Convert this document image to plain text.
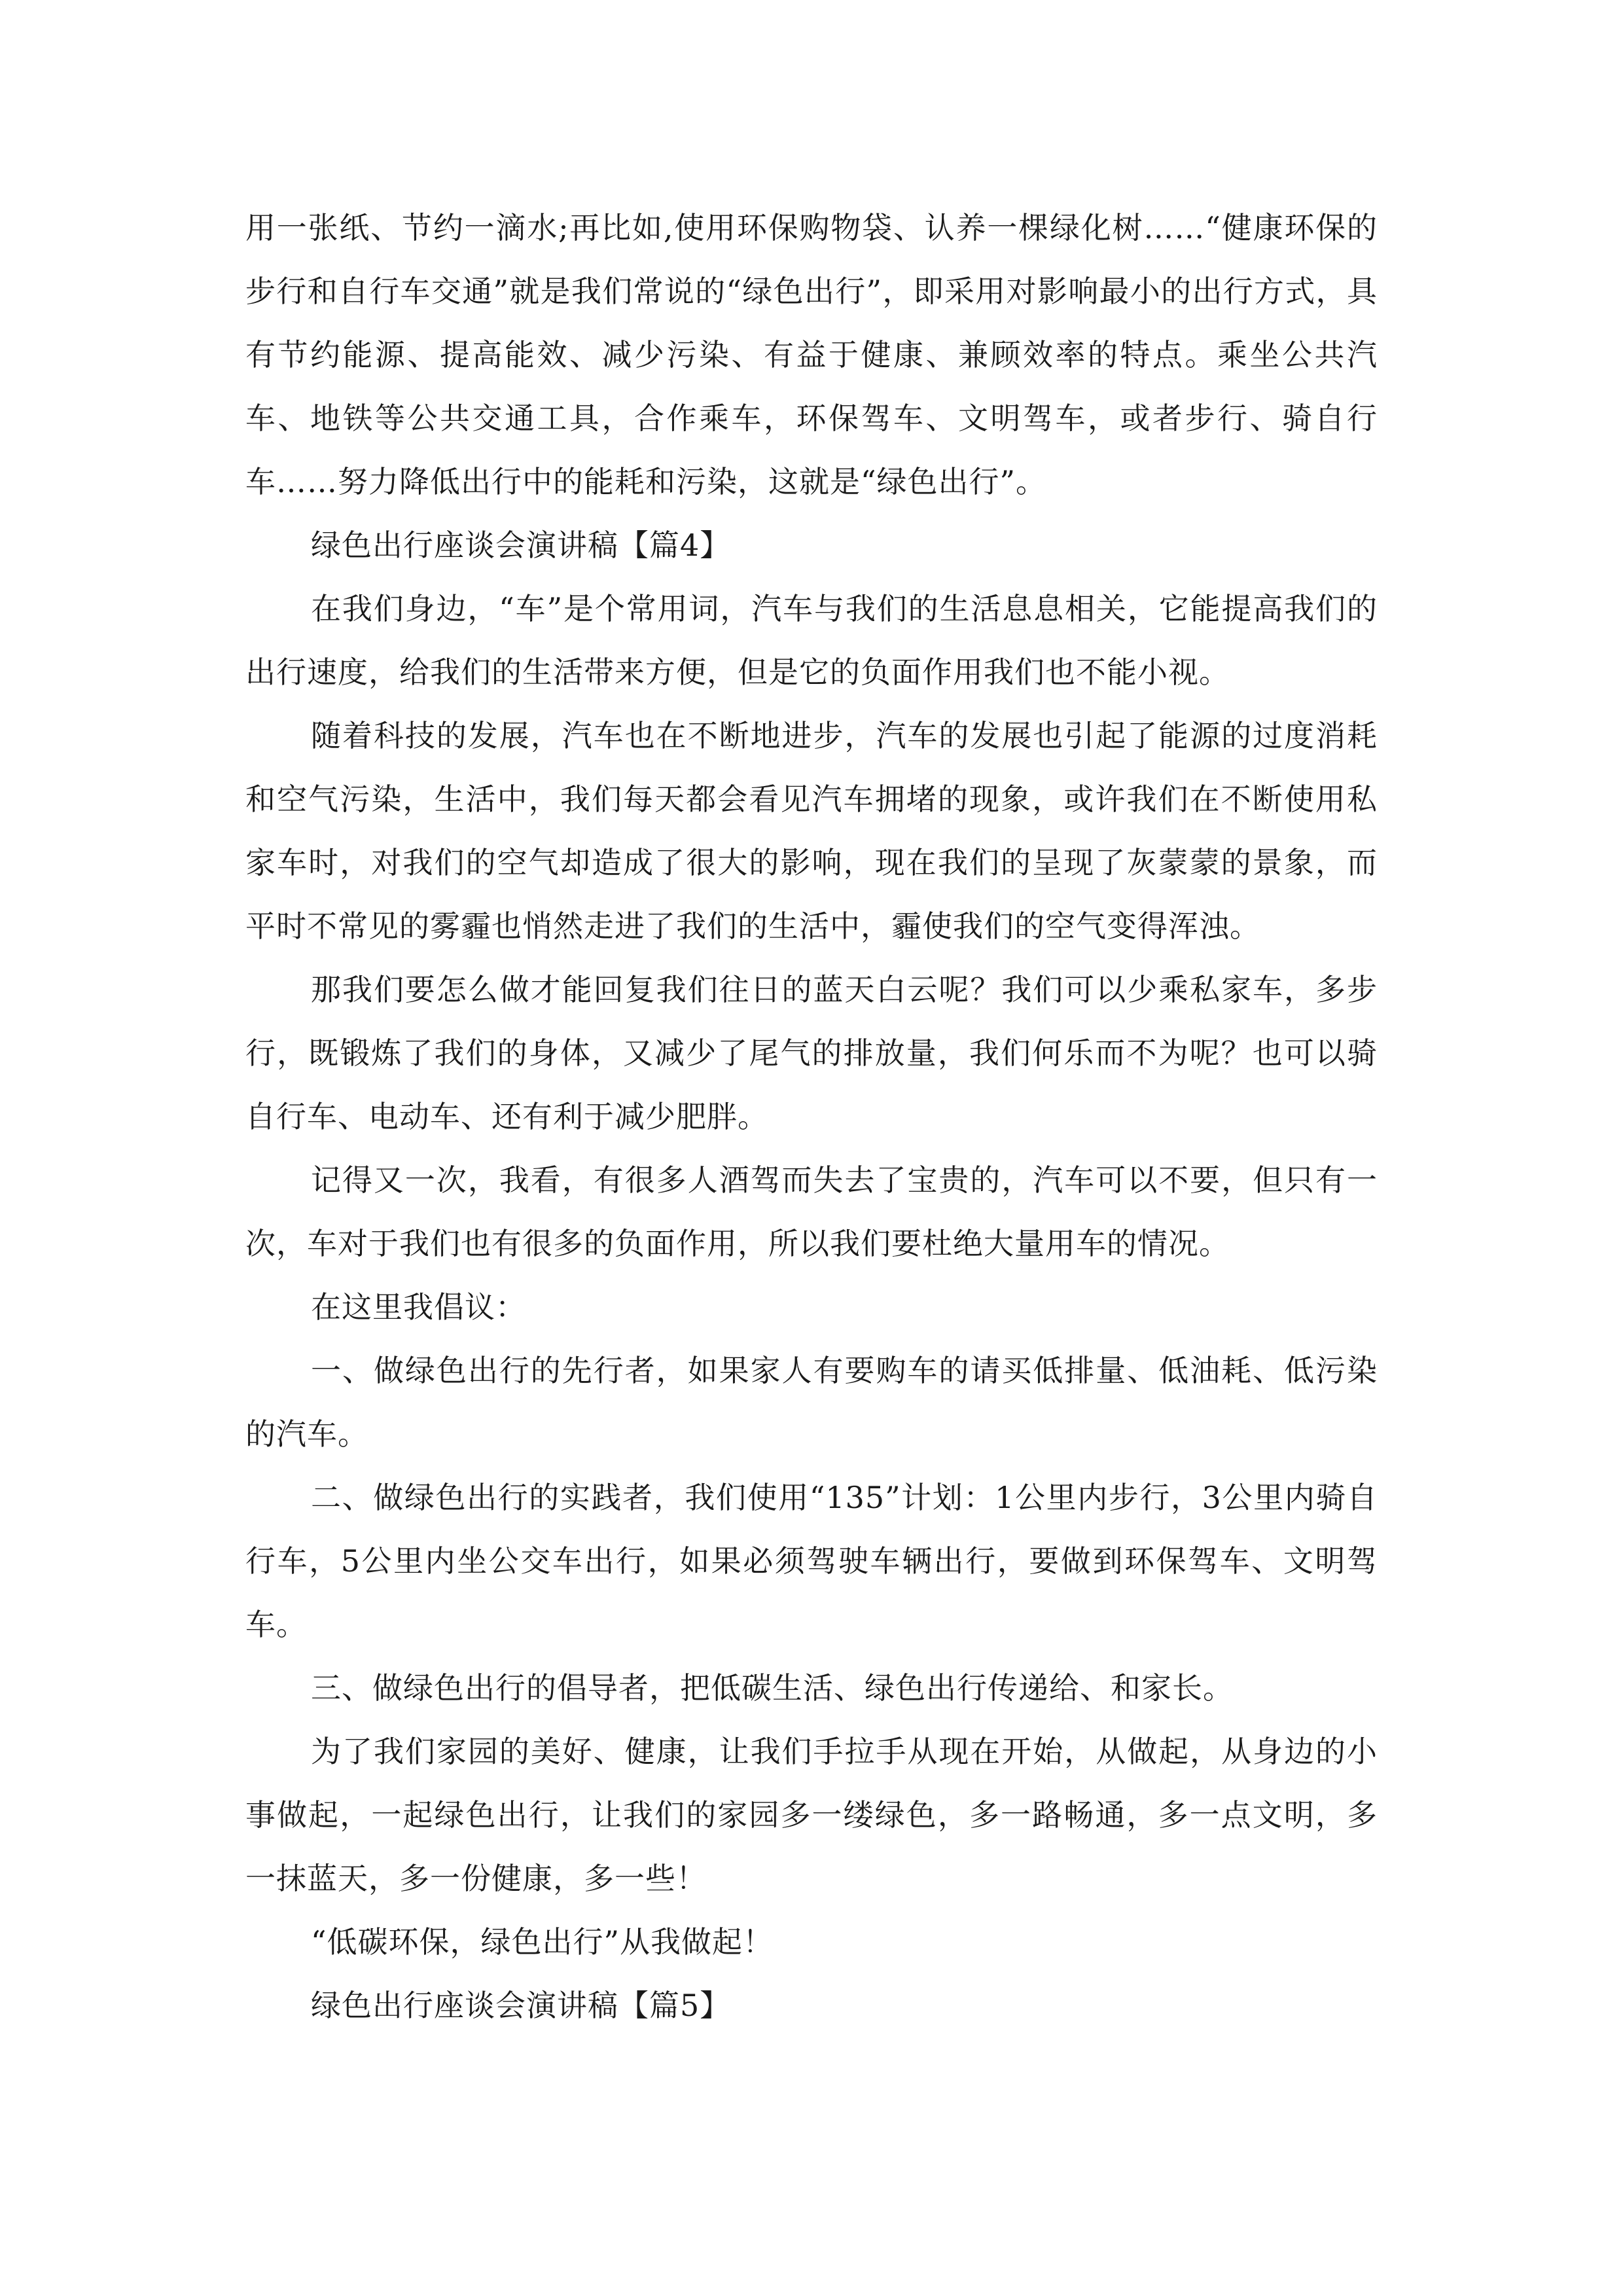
用一张纸、节约一滴水;再比如,使用环保购物袋、认养一棵绿化树……“健康环保的步行和自行车交通”就是我们常说的“绿色出行”，即采用对影响最小的出行方式，具有节约能源、提高能效、减少污染、有益于健康、兼顾效率的特点。乘坐公共汽车、地铁等公共交通工具，合作乘车，环保驾车、文明驾车，或者步行、骑自行车……努力降低出行中的能耗和污染，这就是“绿色出行”。

绿色出行座谈会演讲稿【篇4】

在我们身边，“车”是个常用词，汽车与我们的生活息息相关，它能提高我们的出行速度，给我们的生活带来方便，但是它的负面作用我们也不能小视。

随着科技的发展，汽车也在不断地进步，汽车的发展也引起了能源的过度消耗和空气污染，生活中，我们每天都会看见汽车拥堵的现象，或许我们在不断使用私家车时，对我们的空气却造成了很大的影响，现在我们的呈现了灰蒙蒙的景象，而平时不常见的雾霾也悄然走进了我们的生活中，霾使我们的空气变得浑浊。

那我们要怎么做才能回复我们往日的蓝天白云呢？我们可以少乘私家车，多步行，既锻炼了我们的身体，又减少了尾气的排放量，我们何乐而不为呢？也可以骑自行车、电动车、还有利于减少肥胖。

记得又一次，我看，有很多人酒驾而失去了宝贵的，汽车可以不要，但只有一次，车对于我们也有很多的负面作用，所以我们要杜绝大量用车的情况。

在这里我倡议：

一、做绿色出行的先行者，如果家人有要购车的请买低排量、低油耗、低污染的汽车。

二、做绿色出行的实践者，我们使用“135”计划：1公里内步行，3公里内骑自行车，5公里内坐公交车出行，如果必须驾驶车辆出行，要做到环保驾车、文明驾车。

三、做绿色出行的倡导者，把低碳生活、绿色出行传递给、和家长。

为了我们家园的美好、健康，让我们手拉手从现在开始，从做起，从身边的小事做起，一起绿色出行，让我们的家园多一缕绿色，多一路畅通，多一点文明，多一抹蓝天，多一份健康，多一些！

“低碳环保，绿色出行”从我做起！

绿色出行座谈会演讲稿【篇5】
